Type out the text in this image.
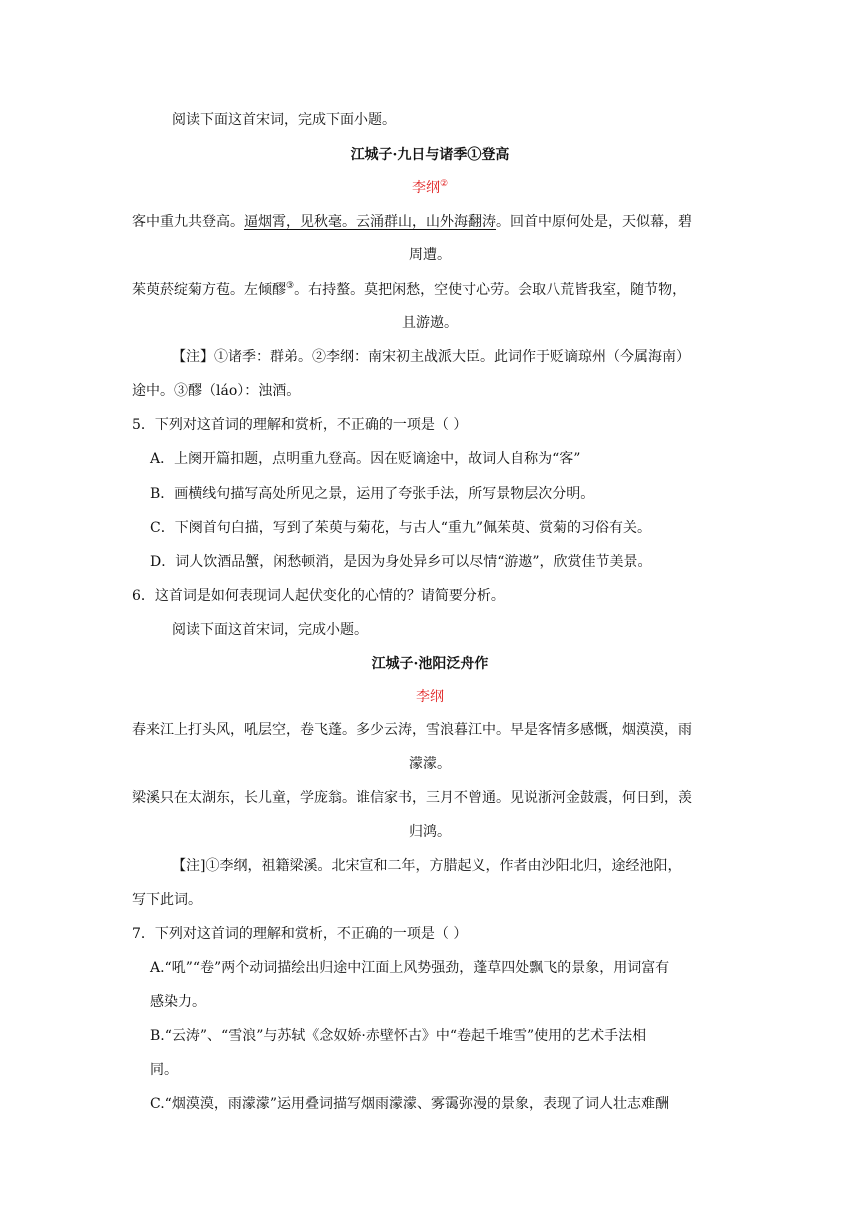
阅读下面这首宋词，完成下面小题。
江城子·九日与诸季①登高
李纲②
客中重九共登高。逼烟霄，见秋毫。云涌群山，山外海翻涛。回首中原何处是，天似幕，碧
周遭。
茱萸菸绽菊方苞。左倾醪③。右持螯。莫把闲愁，空使寸心劳。会取八荒皆我室，随节物，
且游遨。
【注】①诸季：群弟。②李纲：南宋初主战派大臣。此词作于贬谪琼州（今属海南）
途中。③醪（láo）：浊酒。
5．下列对这首词的理解和赏析，不正确的一项是（ ）
A．上阕开篇扣题，点明重九登高。因在贬谪途中，故词人自称为“客”
B．画横线句描写高处所见之景，运用了夸张手法，所写景物层次分明。
C．下阕首句白描，写到了茱萸与菊花，与古人“重九”佩茱萸、赏菊的习俗有关。
D．词人饮酒品蟹，闲愁顿消，是因为身处异乡可以尽情“游遨”，欣赏佳节美景。
6．这首词是如何表现词人起伏变化的心情的？请简要分析。
阅读下面这首宋词，完成小题。
江城子·池阳泛舟作
李纲
春来江上打头风，吼层空，卷飞蓬。多少云涛，雪浪暮江中。早是客情多感慨，烟漠漠，雨
濛濛。
梁溪只在太湖东，长儿童，学庞翁。谁信家书，三月不曾通。见说浙河金鼓震，何日到，羡
归鸿。
【注]①李纲，祖籍梁溪。北宋宣和二年，方腊起义，作者由沙阳北归，途经池阳，
写下此词。
7．下列对这首词的理解和赏析，不正确的一项是（ ）
A.“吼”“卷”两个动词描绘出归途中江面上风势强劲，蓬草四处飘飞的景象，用词富有
感染力。
B.“云涛”、“雪浪”与苏轼《念奴娇·赤壁怀古》中“卷起千堆雪”使用的艺术手法相
同。
C.“烟漠漠，雨濛濛”运用叠词描写烟雨濛濛、雾霭弥漫的景象，表现了词人壮志难酬
